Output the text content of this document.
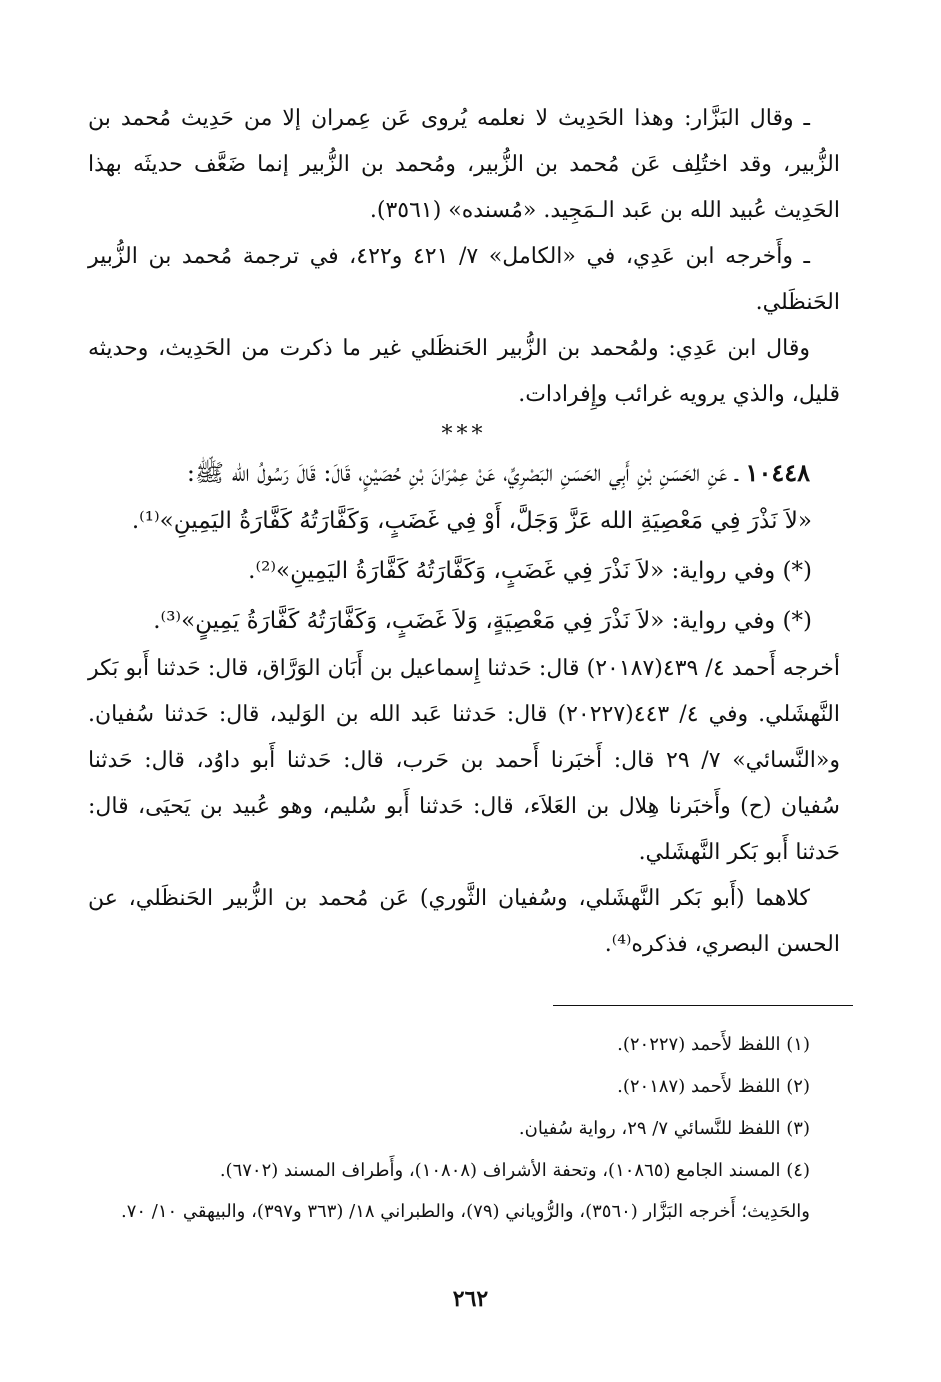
ـ وقال البَزَّار: وهذا الحَدِيث لا نعلمه يُروى عَن عِمران إلا من حَدِيث مُحمد بن الزُّبير، وقد اختُلِف عَن مُحمد بن الزُّبير، ومُحمد بن الزُّبير إنما ضَعَّف حديثَه بهذا الحَدِيث عُبيد الله بن عَبد الـمَجِيد. «مُسنده» (٣٥٦١).

ـ وأَخرجه ابن عَدِي، في «الكامل» ٧/ ٤٢١ و٤٢٢، في ترجمة مُحمد بن الزُّبير الحَنظَلي.

وقال ابن عَدِي: ولمُحمد بن الزُّبير الحَنظَلي غير ما ذكرت من الحَدِيث، وحديثه قليل، والذي يرويه غرائب وإِفرادات.

***

١٠٤٤٨ ـ عَنِ الحَسَنِ بْنِ أَبِي الحَسَنِ البَصْرِيِّ، عَنْ عِمْرَانَ بْنِ حُصَيْنٍ، قَالَ: قَالَ رَسُولُ الله ﷺ:

«لاَ نَذْرَ فِي مَعْصِيَةِ الله عَزَّ وَجَلَّ، أَوْ فِي غَضَبٍ، وَكَفَّارَتُهُ كَفَّارَةُ اليَمِينِ»⁽¹⁾.

(*) وفي رواية: «لاَ نَذْرَ فِي غَضَبٍ، وَكَفَّارَتُهُ كَفَّارَةُ اليَمِينِ»⁽²⁾.

(*) وفي رواية: «لاَ نَذْرَ فِي مَعْصِيَةٍ، وَلاَ غَضَبٍ، وَكَفَّارَتُهُ كَفَّارَةُ يَمِينٍ»⁽³⁾.

أخرجه أَحمد ٤/ ٤٣٩(٢٠١٨٧) قال: حَدثنا إِسماعيل بن أَبَان الوَرَّاق، قال: حَدثنا أَبو بَكر النَّهشَلي. وفي ٤/ ٤٤٣(٢٠٢٢٧) قال: حَدثنا عَبد الله بن الوَليد، قال: حَدثنا سُفيان. و«النَّسائي» ٧/ ٢٩ قال: أَخبَرنا أَحمد بن حَرب، قال: حَدثنا أَبو داوُد، قال: حَدثنا سُفيان (ح) وأَخبَرنا هِلال بن العَلاَء، قال: حَدثنا أَبو سُليم، وهو عُبيد بن يَحيَى، قال: حَدثنا أَبو بَكر النَّهشَلي.

كلاهما (أَبو بَكر النَّهشَلي، وسُفيان الثَّوري) عَن مُحمد بن الزُّبير الحَنظَلي، عن الحسن البصري، فذكره⁽⁴⁾.

(١) اللفظ لأَحمد (٢٠٢٢٧).

(٢) اللفظ لأَحمد (٢٠١٨٧).

(٣) اللفظ للنَّسائي ٧/ ٢٩، رواية سُفيان.

(٤) المسند الجامع (١٠٨٦٥)، وتحفة الأشراف (١٠٨٠٨)، وأَطراف المسند (٦٧٠٢).

والحَدِيث؛ أَخرجه البَزَّار (٣٥٦٠)، والرُّوياني (٧٩)، والطبراني ١٨/ (٣٦٣ و٣٩٧)، والبيهقي ١٠/ ٧٠.

٢٦٢
